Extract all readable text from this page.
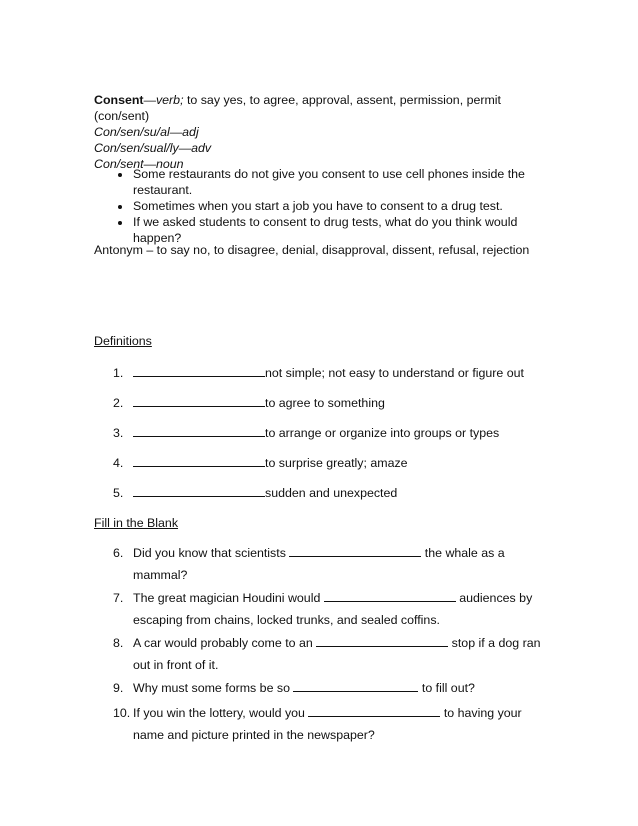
Consent—verb; to say yes, to agree, approval, assent, permission, permit
(con/sent)
Con/sen/su/al—adj
Con/sen/sual/ly—adv
Con/sent—noun
Some restaurants do not give you consent to use cell phones inside the
restaurant.
Sometimes when you start a job you have to consent to a drug test.
If we asked students to consent to drug tests, what do you think would
happen?
Antonym – to say no, to disagree, denial, disapproval, dissent, refusal, rejection
Definitions
1.	not simple; not easy to understand or figure out
2.	to agree to something
3.	to arrange or organize into groups or types
4.	to surprise greatly; amaze
5.	sudden and unexpected
Fill in the Blank
6. Did you know that scientists	the whale as a
mammal?
7. The great magician Houdini would	audiences by
escaping from chains, locked trunks, and sealed coffins.
8. A car would probably come to an	stop if a dog ran
out in front of it.
9. Why must some forms be so	to fill out?
10. If you win the lottery, would you	to having your
name and picture printed in the newspaper?
